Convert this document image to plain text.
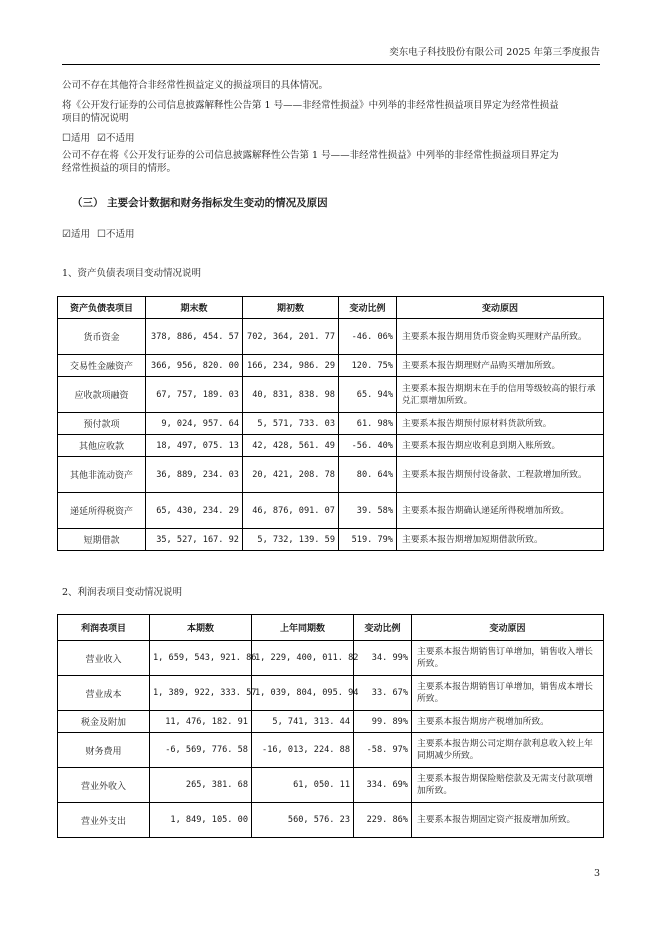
奕东电子科技股份有限公司 2025 年第三季度报告
公司不存在其他符合非经常性损益定义的损益项目的具体情况。
将《公开发行证券的公司信息披露解释性公告第 1 号——非经常性损益》中列举的非经常性损益项目界定为经常性损益
项目的情况说明
☐适用 ☑不适用
公司不存在将《公开发行证券的公司信息披露解释性公告第 1 号——非经常性损益》中列举的非经常性损益项目界定为
经常性损益的项目的情形。
（三） 主要会计数据和财务指标发生变动的情况及原因
☑适用 ☐不适用
1、资产负债表项目变动情况说明
资产负债表项目	期末数	期初数	变动比例	变动原因
货币资金	378, 886, 454. 57	702, 364, 201. 77	-46. 06%	主要系本报告期用货币资金购买理财产品所致。
交易性金融资产	366, 956, 820. 00	166, 234, 986. 29	120. 75%	主要系本报告期理财产品购买增加所致。
应收款项融资	67, 757, 189. 03	40, 831, 838. 98	65. 94%	主要系本报告期期末在手的信用等级较高的银行承兑汇票增加所致。
预付款项	9, 024, 957. 64	5, 571, 733. 03	61. 98%	主要系本报告期预付原材料货款所致。
其他应收款	18, 497, 075. 13	42, 428, 561. 49	-56. 40%	主要系本报告期应收利息到期入账所致。
其他非流动资产	36, 889, 234. 03	20, 421, 208. 78	80. 64%	主要系本报告期预付设备款、工程款增加所致。
递延所得税资产	65, 430, 234. 29	46, 876, 091. 07	39. 58%	主要系本报告期确认递延所得税增加所致。
短期借款	35, 527, 167. 92	5, 732, 139. 59	519. 79%	主要系本报告期增加短期借款所致。
2、利润表项目变动情况说明
利润表项目	本期数	上年同期数	变动比例	变动原因
营业收入	1, 659, 543, 921. 86	1, 229, 400, 011. 82	34. 99%	主要系本报告期销售订单增加，销售收入增长所致。
营业成本	1, 389, 922, 333. 57	1, 039, 804, 095. 94	33. 67%	主要系本报告期销售订单增加，销售成本增长所致。
税金及附加	11, 476, 182. 91	5, 741, 313. 44	99. 89%	主要系本报告期房产税增加所致。
财务费用	-6, 569, 776. 58	-16, 013, 224. 88	-58. 97%	主要系本报告期公司定期存款利息收入较上年同期减少所致。
营业外收入	265, 381. 68	61, 050. 11	334. 69%	主要系本报告期保险赔偿款及无需支付款项增加所致。
营业外支出	1, 849, 105. 00	560, 576. 23	229. 86%	主要系本报告期固定资产报废增加所致。
3
